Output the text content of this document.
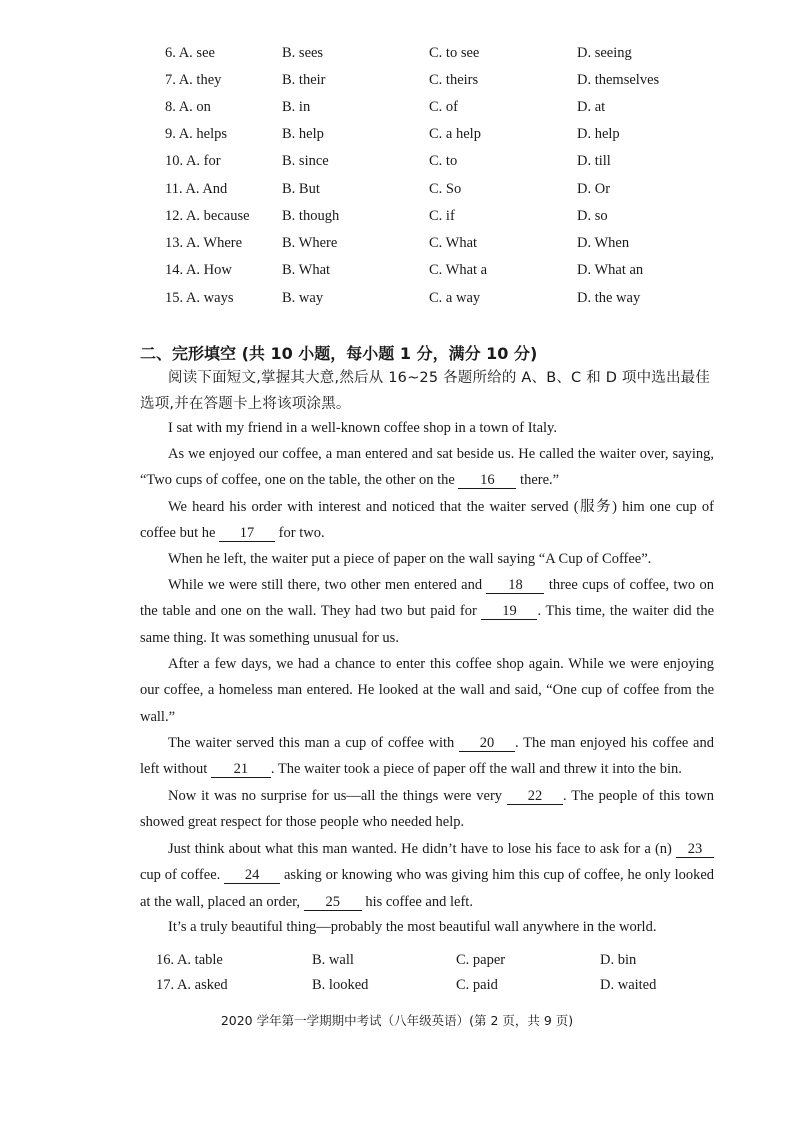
6. A. see	B. sees	C. to see	D. seeing
7. A. they	B. their	C. theirs	D. themselves
8. A. on	B. in	C. of	D. at
9. A. helps	B. help	C. a help	D. help
10. A. for	B. since	C. to	D. till
11. A. And	B. But	C. So	D. Or
12. A. because B. though	C. if	D. so
13. A. Where	B. Where	C. What	D. When
14. A. How	B. What	C. What a	D. What an
15. A. ways	B. way	C. a way	D. the way
二、完形填空 (共 10 小题，每小题 1 分，满分 10 分)
阅读下面短文,掌握其大意,然后从 16~25 各题所给的 A、B、C 和 D 项中选出最佳选项,并在答题卡上将该项涂黑。
I sat with my friend in a well-known coffee shop in a town of Italy.
As we enjoyed our coffee, a man entered and sat beside us. He called the waiter over, saying, “Two cups of coffee, one on the table, the other on the 16 there.”
We heard his order with interest and noticed that the waiter served (服务) him one cup of coffee but he 17 for two.
When he left, the waiter put a piece of paper on the wall saying “A Cup of Coffee”.
While we were still there, two other men entered and 18 three cups of coffee, two on the table and one on the wall. They had two but paid for 19 . This time, the waiter did the same thing. It was something unusual for us.
After a few days, we had a chance to enter this coffee shop again. While we were enjoying our coffee, a homeless man entered. He looked at the wall and said, “One cup of coffee from the wall.”
The waiter served this man a cup of coffee with 20 . The man enjoyed his coffee and left without 21 . The waiter took a piece of paper off the wall and threw it into the bin.
Now it was no surprise for us—all the things were very 22 . The people of this town showed great respect for those people who needed help.
Just think about what this man wanted. He didn’t have to lose his face to ask for a (n) 23 cup of coffee. 24 asking or knowing who was giving him this cup of coffee, he only looked at the wall, placed an order, 25 his coffee and left.
It’s a truly beautiful thing—probably the most beautiful wall anywhere in the world.
16. A. table	B. wall	C. paper	D. bin
17. A. asked	B. looked	C. paid	D. waited
2020 学年第一学期期中考试（八年级英语）(第 2 页，共 9 页)
